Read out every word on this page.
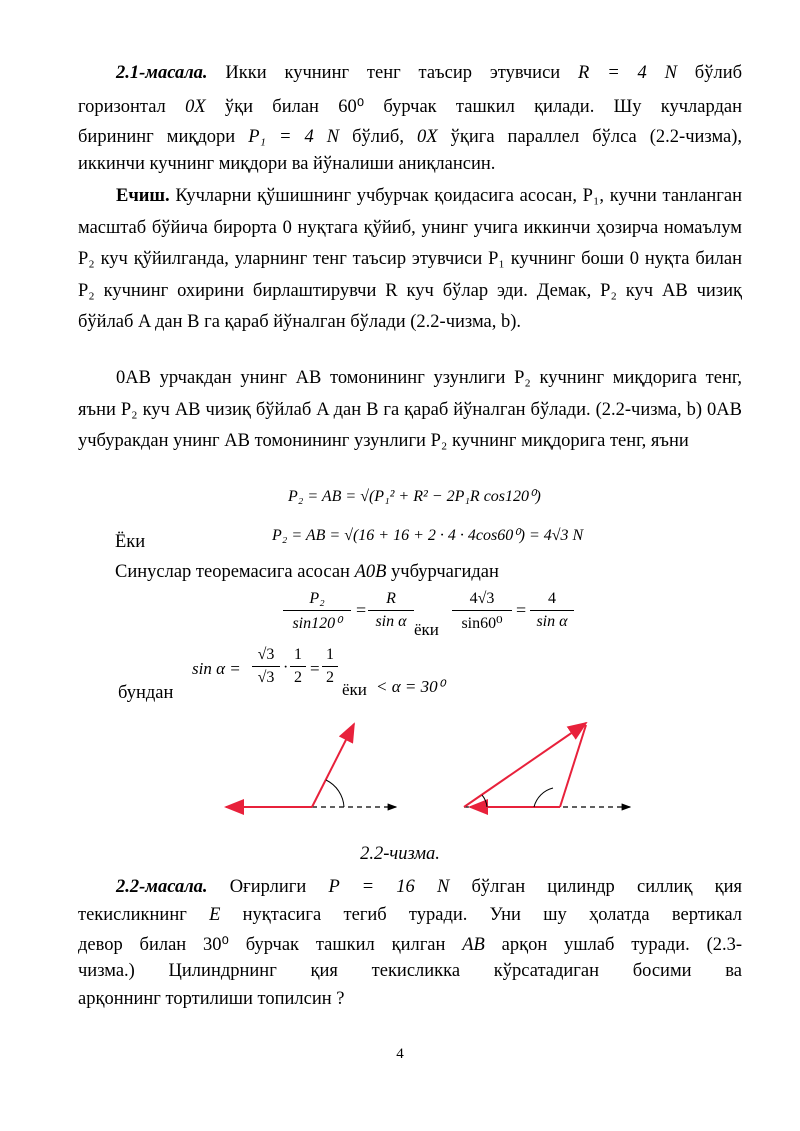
2.1-масала. Икки кучнинг тенг таъсир этувчиси R = 4 N бўлиб
горизонтал 0X ўқи билан 60⁰ бурчак ташкил қилади. Шу кучлардан
бирининг миқдори P₁ = 4 N бўлиб, 0X ўқига параллел бўлса (2.2-чизма),
иккинчи кучнинг миқдори ва йўналиши аниқлансин.
Ечиш. Кучларни қўшишнинг учбурчак қоидасига асосан, P₁, кучни танланган масштаб бўйича бирорта 0 нуқтага қўйиб, унинг учига иккинчи ҳозирча номаълум P₂ куч қўйилганда, уларнинг тенг таъсир этувчиси P₁ кучнинг боши 0 нуқта билан P₂ кучнинг охирини бирлаштирувчи R куч бўлар эди. Демак, P₂ куч AB чизиқ бўйлаб A дан B га қараб йўналган бўлади (2.2-чизма, b).
0AB урчакдан унинг AB томонининг узунлиги P₂ кучнинг миқдорига тенг, яъни P₂ куч AB чизиқ бўйлаб A дан B га қараб йўналган бўлади. (2.2-чизма, b) 0AB учбуракдан унинг AB томонининг узунлиги P₂ кучнинг миқдорига тенг, яъни
P₂ = AB = √(P₁² + R² − 2P₁R cos120⁰)
Ёки	P₂ = AB = √(16 + 16 + 2 · 4 · 4cos60⁰) = 4√3 N
Синуслар теоремасига асосан A0B учбурчагидан
P₂
sin120⁰
=
R
sin α ёки
4√3
sin60⁰
=
4
sin α
sin α =
√3
√3
·
1
2 =
1
2
бундан	ёки < α = 30⁰
2.2-чизма.
2.2-масала. Оғирлиги P = 16 N бўлган цилиндр силлиқ қия
текисликнинг E нуқтасига тегиб туради. Уни шу ҳолатда вертикал
девор билан 30⁰ бурчак ташкил қилган AB арқон ушлаб туради. (2.3-
чизма.) Цилиндрнинг қия текисликка кўрсатадиган босими ва
арқоннинг тортилиши топилсин ?
4
